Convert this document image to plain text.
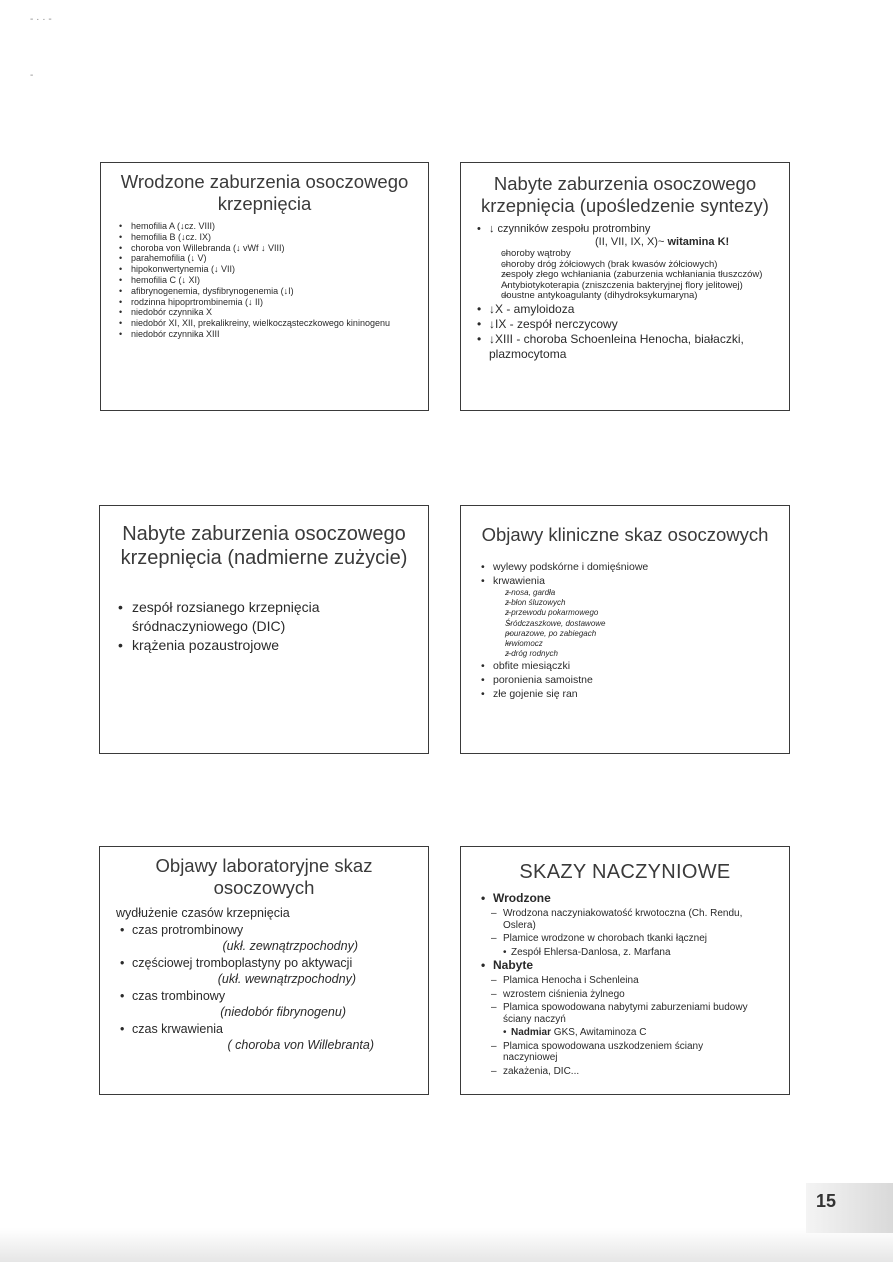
- · · -
-
Wrodzone zaburzenia osoczowego krzepnięcia
• hemofilia A (↓cz. VIII)
• hemofilia B (↓cz. IX)
• choroba von Willebranda (↓ vWf ↓ VIII)
• parahemofilia (↓ V)
• hipokonwertynemia (↓ VII)
• hemofilia C (↓ XI)
• afibrynogenemia, dysfibrynogenemia (↓I)
• rodzinna hipoprtrombinemia (↓ II)
• niedobór czynnika X
• niedobór XI, XII, prekalikreiny, wielkocząsteczkowego kininogenu
• niedobór czynnika XIII
Nabyte zaburzenia osoczowego krzepnięcia (upośledzenie syntezy)
• ↓ czynników zespołu protrombiny
(II, VII, IX, X)~ witamina K!
– choroby wątroby
– choroby dróg żółciowych (brak kwasów żółciowych)
– zespoły złego wchłaniania (zaburzenia wchłaniania tłuszczów)
– Antybiotykoterapia (zniszczenia bakteryjnej flory jelitowej)
– doustne antykoagulanty (dihydroksykumaryna)
• ↓X - amyloidoza
• ↓IX - zespół nerczycowy
• ↓XIII - choroba Schoenleina Henocha, białaczki, plazmocytoma
Nabyte zaburzenia osoczowego krzepnięcia (nadmierne zużycie)
• zespół rozsianego krzepnięcia śródnaczyniowego (DIC)
• krążenia pozaustrojowe
Objawy kliniczne skaz osoczowych
• wylewy podskórne i domięśniowe
• krwawienia
– z nosa, gardła
– z błon śluzowych
– z przewodu pokarmowego
– Śródczaszkowe, dostawowe
– pourazowe, po zabiegach
– krwiomocz
– z dróg rodnych
• obfite miesiączki
• poronienia samoistne
• złe gojenie się ran
Objawy laboratoryjne skaz osoczowych
wydłużenie czasów krzepnięcia
• czas protrombinowy
(ukł. zewnątrzpochodny)
• częściowej tromboplastyny po aktywacji
(ukł. wewnątrzpochodny)
• czas trombinowy
(niedobór fibrynogenu)
• czas krwawienia
( choroba von Willebranta)
SKAZY NACZYNIOWE
• Wrodzone
– Wrodzona naczyniakowatość krwotoczna (Ch. Rendu, Oslera)
– Plamice wrodzone w chorobach tkanki łącznej
• Zespół Ehlersa-Danlosa, z. Marfana
• Nabyte
– Plamica Henocha i Schenleina
– wzrostem ciśnienia żylnego
– Plamica spowodowana nabytymi zaburzeniami budowy ściany naczyń
• Nadmiar GKS, Awitaminoza C
– Plamica spowodowana uszkodzeniem ściany naczyniowej
– zakażenia, DIC...
15
